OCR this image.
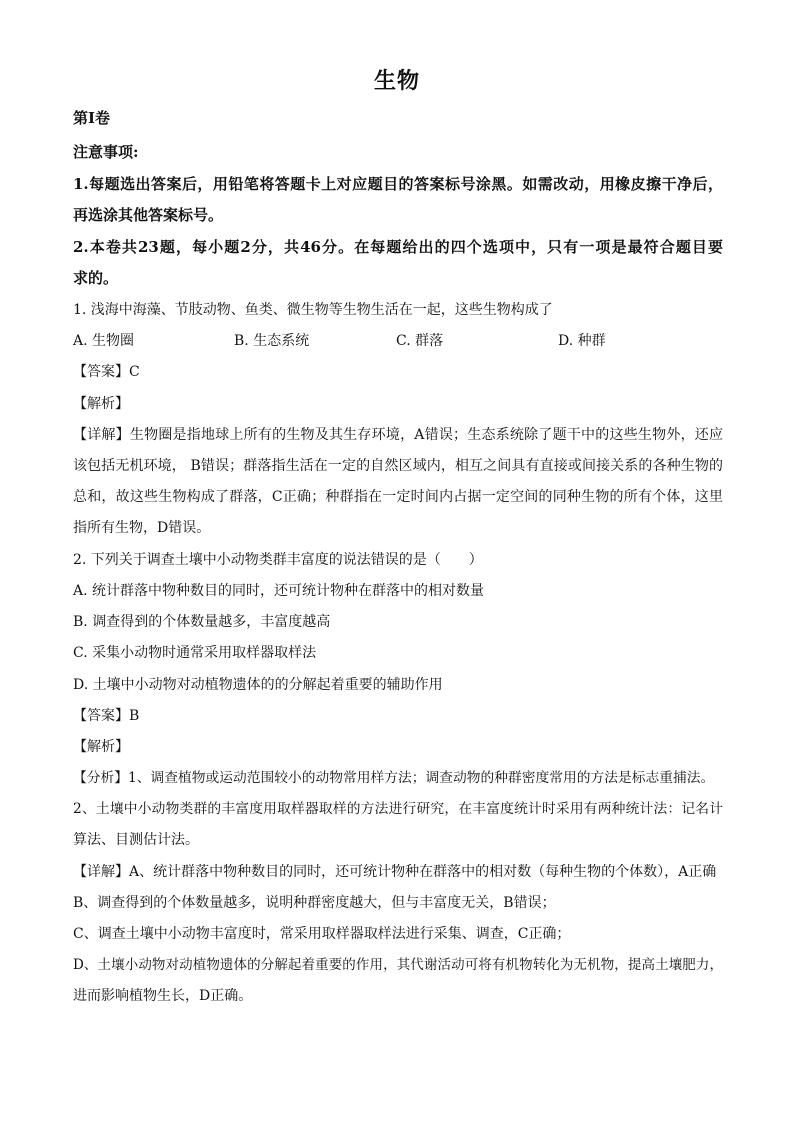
生物
第I卷
注意事项:
1.每题选出答案后，用铅笔将答题卡上对应题目的答案标号涂黑。如需改动，用橡皮擦干净后，
再选涂其他答案标号。
2.本卷共23题，每小题2分，共46分。在每题给出的四个选项中，只有一项是最符合题目要
求的。
1. 浅海中海藻、节肢动物、鱼类、微生物等生物生活在一起，这些生物构成了
A. 生物圈	B. 生态系统	C. 群落	D. 种群
【答案】C
【解析】
【详解】生物圈是指地球上所有的生物及其生存环境，A错误；生态系统除了题干中的这些生物外，还应
该包括无机环境， B错误；群落指生活在一定的自然区域内，相互之间具有直接或间接关系的各种生物的
总和，故这些生物构成了群落，C正确；种群指在一定时间内占据一定空间的同种生物的所有个体，这里
指所有生物，D错误。
2. 下列关于调查土壤中小动物类群丰富度的说法错误的是（　　）
A. 统计群落中物种数目的同时，还可统计物种在群落中的相对数量
B. 调查得到的个体数量越多，丰富度越高
C. 采集小动物时通常采用取样器取样法
D. 土壤中小动物对动植物遗体的的分解起着重要的辅助作用
【答案】B
【解析】
【分析】1、调查植物或运动范围较小的动物常用样方法；调查动物的种群密度常用的方法是标志重捕法。
2、土壤中小动物类群的丰富度用取样器取样的方法进行研究，在丰富度统计时采用有两种统计法：记名计
算法、目测估计法。
【详解】A、统计群落中物种数目的同时，还可统计物种在群落中的相对数（每种生物的个体数），A正确
B、调查得到的个体数量越多，说明种群密度越大，但与丰富度无关，B错误；
C、调查土壤中小动物丰富度时，常采用取样器取样法进行采集、调查，C正确；
D、土壤小动物对动植物遗体的分解起着重要的作用，其代谢活动可将有机物转化为无机物，提高土壤肥力，
进而影响植物生长，D正确。
